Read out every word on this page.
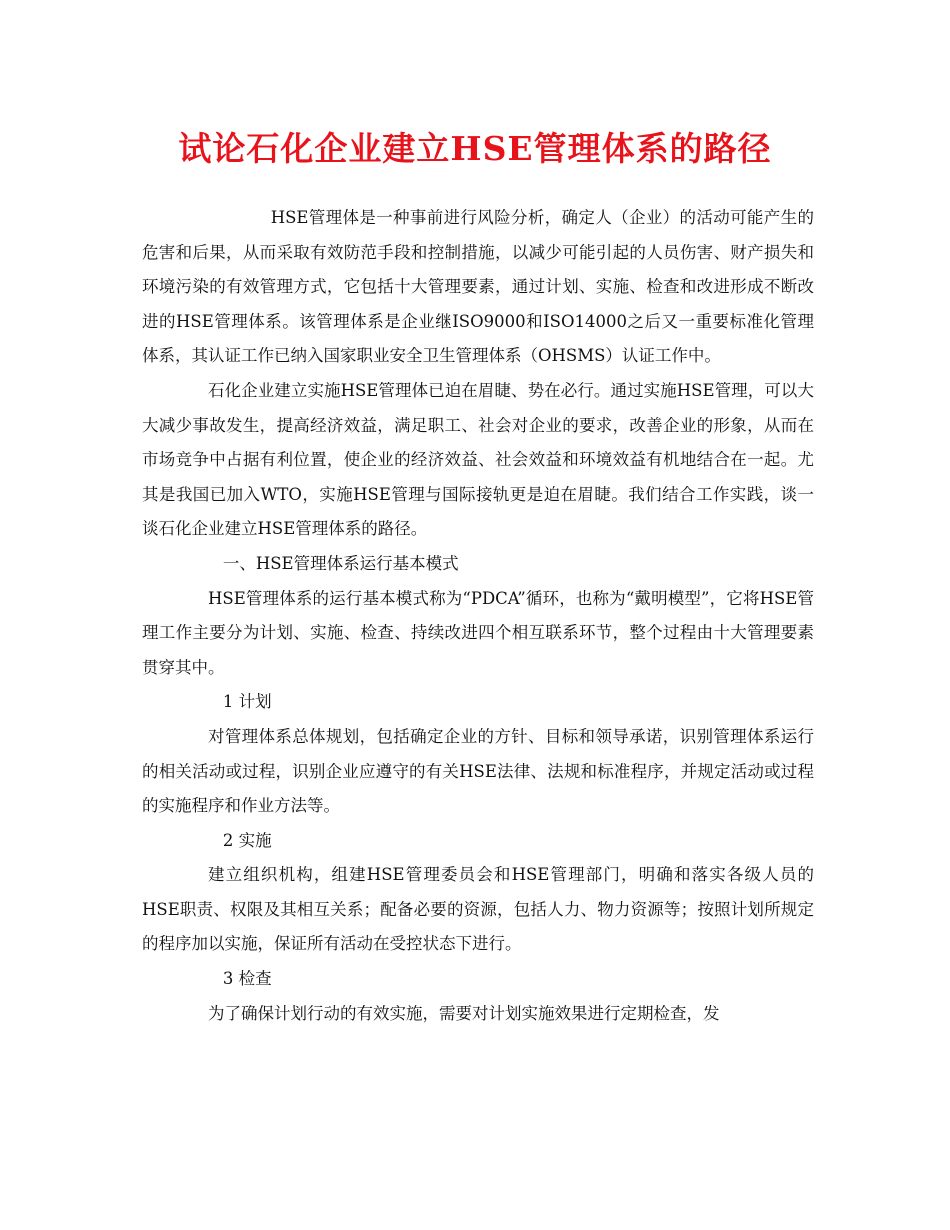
试论石化企业建立HSE管理体系的路径

HSE管理体是一种事前进行风险分析，确定人（企业）的活动可能产生的危害和后果，从而采取有效防范手段和控制措施，以减少可能引起的人员伤害、财产损失和环境污染的有效管理方式，它包括十大管理要素，通过计划、实施、检查和改进形成不断改进的HSE管理体系。该管理体系是企业继ISO9000和ISO14000之后又一重要标准化管理体系，其认证工作已纳入国家职业安全卫生管理体系（OHSMS）认证工作中。

石化企业建立实施HSE管理体已迫在眉睫、势在必行。通过实施HSE管理，可以大大减少事故发生，提高经济效益，满足职工、社会对企业的要求，改善企业的形象，从而在市场竞争中占据有利位置，使企业的经济效益、社会效益和环境效益有机地结合在一起。尤其是我国已加入WTO，实施HSE管理与国际接轨更是迫在眉睫。我们结合工作实践，谈一谈石化企业建立HSE管理体系的路径。

一、HSE管理体系运行基本模式

HSE管理体系的运行基本模式称为“PDCA”循环，也称为“戴明模型”，它将HSE管理工作主要分为计划、实施、检查、持续改进四个相互联系环节，整个过程由十大管理要素贯穿其中。

1 计划

对管理体系总体规划，包括确定企业的方针、目标和领导承诺，识别管理体系运行的相关活动或过程，识别企业应遵守的有关HSE法律、法规和标准程序，并规定活动或过程的实施程序和作业方法等。

2 实施

建立组织机构，组建HSE管理委员会和HSE管理部门，明确和落实各级人员的HSE职责、权限及其相互关系；配备必要的资源，包括人力、物力资源等；按照计划所规定的程序加以实施，保证所有活动在受控状态下进行。

3 检查

为了确保计划行动的有效实施，需要对计划实施效果进行定期检查，发
